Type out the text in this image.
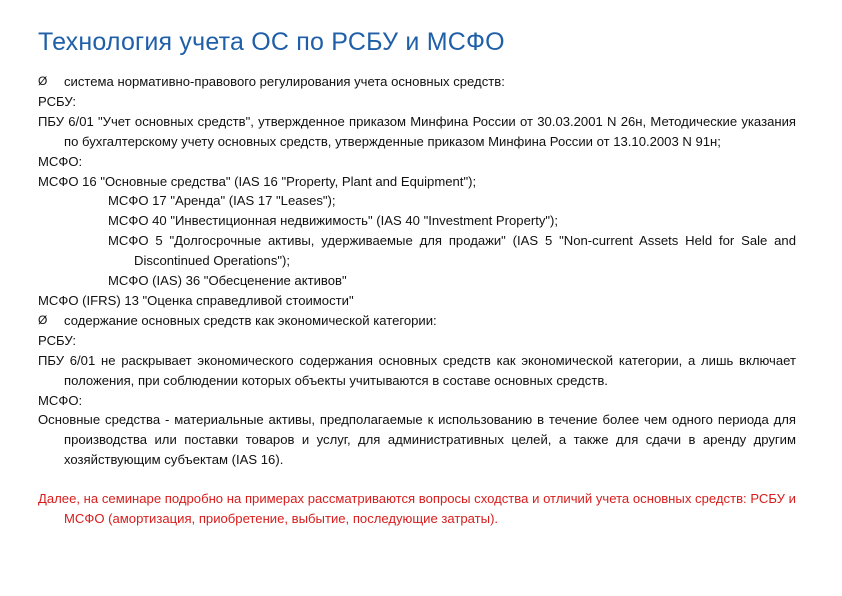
Технология учета ОС по РСБУ и МСФО
Ø система нормативно-правового регулирования учета основных средств:
РСБУ:
ПБУ 6/01 "Учет основных средств", утвержденное приказом Минфина России от 30.03.2001 N 26н, Методические указания по бухгалтерскому учету основных средств, утвержденные приказом Минфина России от 13.10.2003 N 91н;
МСФО:
МСФО 16 "Основные средства" (IAS 16 "Property, Plant and Equipment");
МСФО 17 "Аренда" (IAS 17 "Leases");
МСФО 40 "Инвестиционная недвижимость" (IAS 40 "Investment Property");
МСФО 5 "Долгосрочные активы, удерживаемые для продажи" (IAS 5 "Non-current Assets Held for Sale and Discontinued Operations");
МСФО (IAS) 36 "Обесценение активов"
МСФО (IFRS) 13 "Оценка справедливой стоимости"
Ø содержание основных средств как экономической категории:
РСБУ:
ПБУ 6/01 не раскрывает экономического содержания основных средств как экономической категории, а лишь включает положения, при соблюдении которых объекты учитываются в составе основных средств.
МСФО:
Основные средства - материальные активы, предполагаемые к использованию в течение более чем одного периода для производства или поставки товаров и услуг, для административных целей, а также для сдачи в аренду другим хозяйствующим субъектам (IAS 16).
Далее, на семинаре подробно на примерах рассматриваются вопросы сходства и отличий учета основных средств: РСБУ и МСФО (амортизация, приобретение, выбытие, последующие затраты).
